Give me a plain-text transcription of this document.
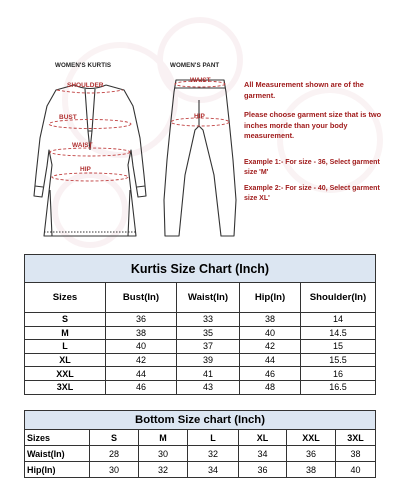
WOMEN'S KURTIS	WOMEN'S PANT
SHOULDER
BUST
WAIST
HIP
WAIST
HIP

All Measurement shown are of the garment.

Please choose garment size that is two inches morde than your body measurement.

Example 1:- For size - 36, Select garment size 'M'

Example 2:- For size - 40, Select garment size XL'

Kurtis Size Chart (Inch)				
Sizes	Bust(In)	Waist(In)	Hip(In)	Shoulder(In)
S	36	33	38	14
M	38	35	40	14.5
L	40	37	42	15
XL	42	39	44	15.5
XXL	44	41	46	16
3XL	46	43	48	16.5
Bottom Size chart (Inch)						
Sizes	S	M	L	XL	XXL	3XL
Waist(In)	28	30	32	34	36	38
Hip(In)	30	32	34	36	38	40
